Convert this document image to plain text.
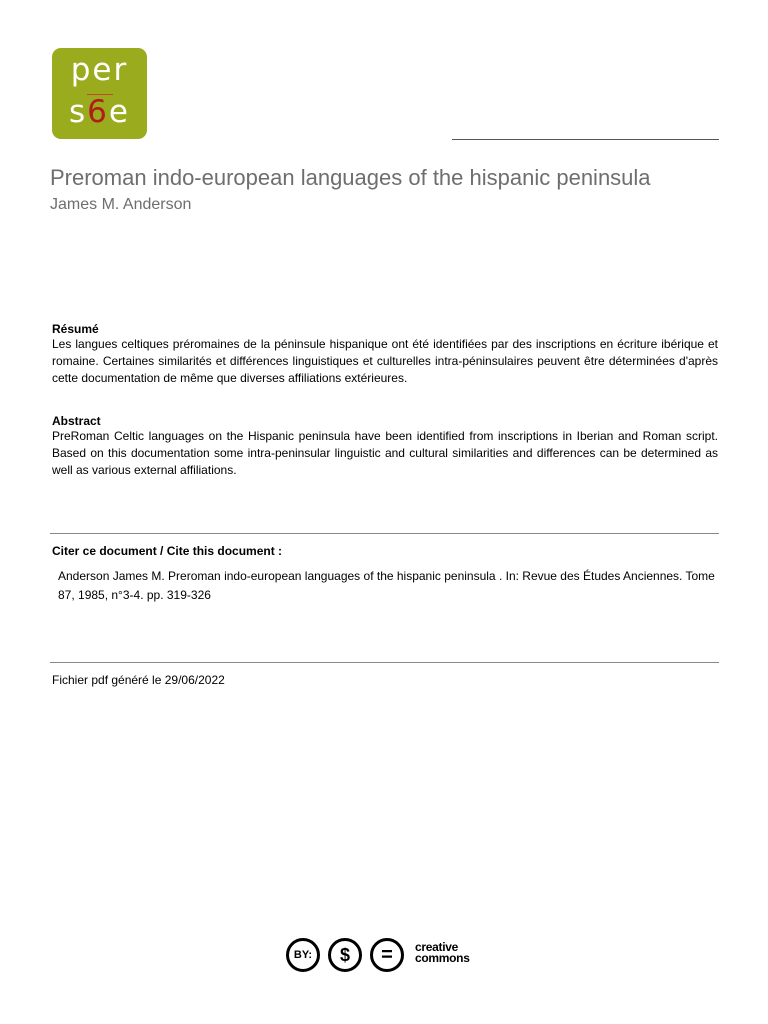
per
s6e
Preroman indo-european languages of the hispanic peninsula
James M. Anderson
Résumé
Les langues celtiques préromaines de la péninsule hispanique ont été identifiées par des inscriptions en écriture ibérique et romaine. Certaines similarités et différences linguistiques et culturelles intra-péninsulaires peuvent être déterminées d'après cette documentation de même que diverses affiliations extérieures.
Abstract
PreRoman Celtic languages on the Hispanic peninsula have been identified from inscriptions in Iberian and Roman script. Based on this documentation some intra-peninsular linguistic and cultural similarities and differences can be determined as well as various external affiliations.
Citer ce document / Cite this document :
Anderson James M. Preroman indo-european languages of the hispanic peninsula . In: Revue des Études Anciennes. Tome 87, 1985, n°3-4. pp. 319-326
Fichier pdf généré le 29/06/2022
BY:	$	=	creative
commons
